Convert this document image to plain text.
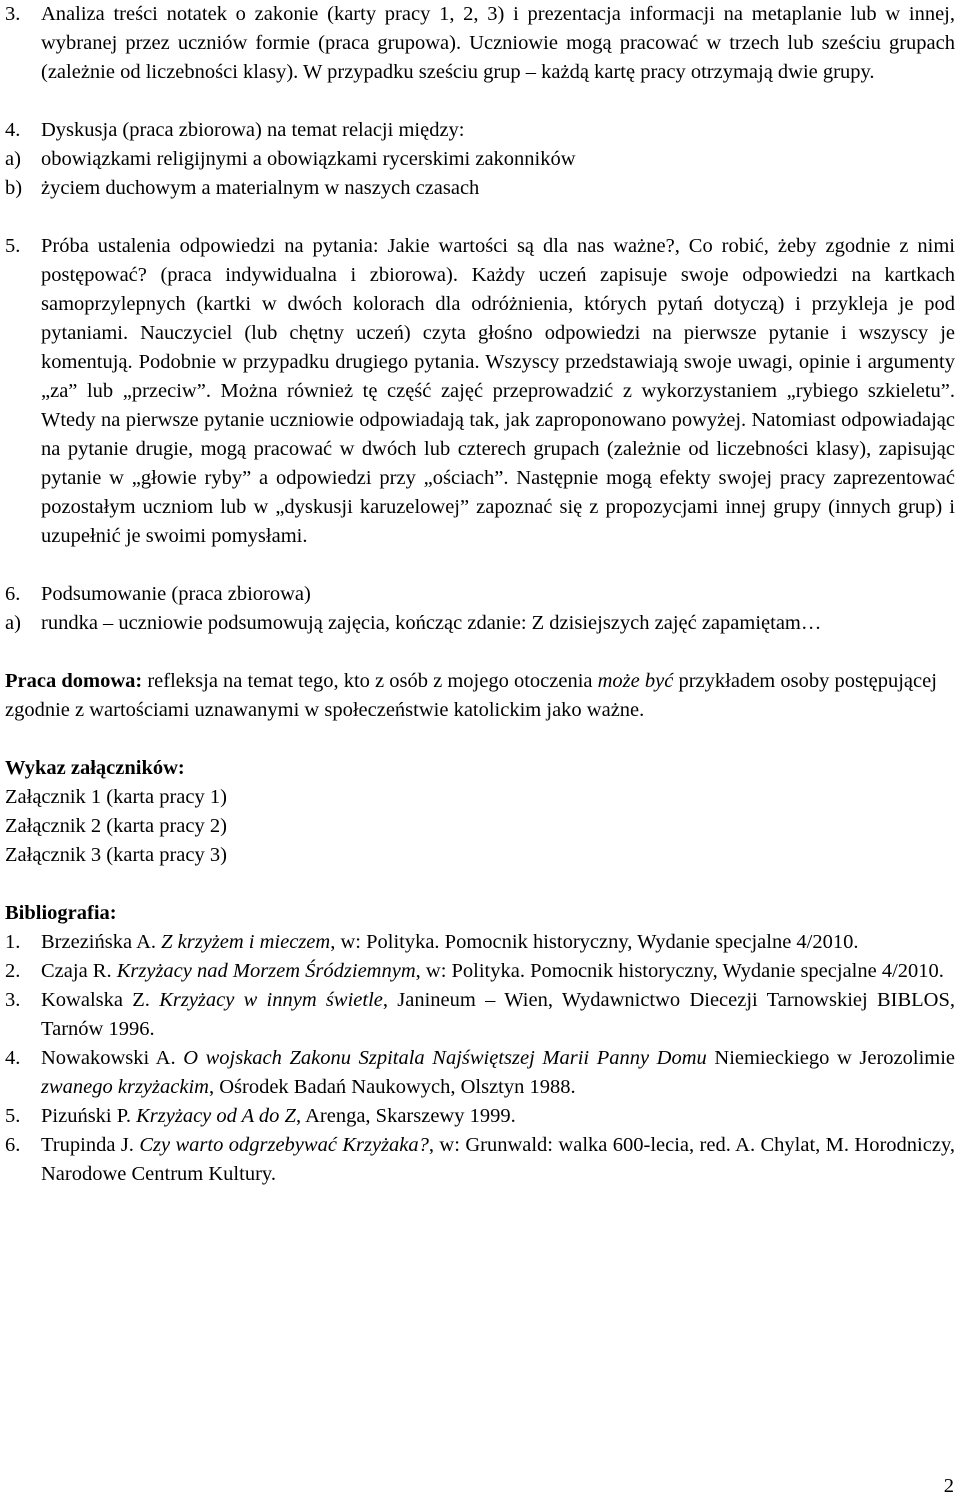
3.	Analiza treści notatek o zakonie (karty pracy 1, 2, 3) i prezentacja informacji na metaplanie lub w innej, wybranej przez uczniów formie (praca grupowa). Uczniowie mogą pracować w trzech lub sześciu grupach (zależnie od liczebności klasy). W przypadku sześciu grup – każdą kartę pracy otrzymają dwie grupy.
4.	Dyskusja (praca zbiorowa) na temat relacji między:
a) obowiązkami religijnymi a obowiązkami rycerskimi zakonników
b) życiem duchowym a materialnym w naszych czasach
5.	Próba ustalenia odpowiedzi na pytania: Jakie wartości są dla nas ważne?, Co robić, żeby zgodnie z nimi postępować? (praca indywidualna i zbiorowa). Każdy uczeń zapisuje swoje odpowiedzi na kartkach samoprzylepnych (kartki w dwóch kolorach dla odróżnienia, których pytań dotyczą) i przykleja je pod pytaniami. Nauczyciel (lub chętny uczeń) czyta głośno odpowiedzi na pierwsze pytanie i wszyscy je komentują. Podobnie w przypadku drugiego pytania. Wszyscy przedstawiają swoje uwagi, opinie i argumenty „za” lub „przeciw”. Można również tę część zajęć przeprowadzić z wykorzystaniem „rybiego szkieletu”. Wtedy na pierwsze pytanie uczniowie odpowiadają tak, jak zaproponowano powyżej. Natomiast odpowiadając na pytanie drugie, mogą pracować w dwóch lub czterech grupach (zależnie od liczebności klasy), zapisując pytanie w „głowie ryby” a odpowiedzi przy „ościach”. Następnie mogą efekty swojej pracy zaprezentować pozostałym uczniom lub w „dyskusji karuzelowej” zapoznać się z propozycjami innej grupy (innych grup) i uzupełnić je swoimi pomysłami.
6.	Podsumowanie (praca zbiorowa)
a) rundka – uczniowie podsumowują zajęcia, kończąc zdanie: Z dzisiejszych zajęć zapamiętam…

Praca domowa: refleksja na temat tego, kto z osób z mojego otoczenia może być przykładem osoby postępującej zgodnie z wartościami uznawanymi w społeczeństwie katolickim jako ważne.

Wykaz załączników:
Załącznik 1 (karta pracy 1)
Załącznik 2 (karta pracy 2)
Załącznik 3 (karta pracy 3)
Bibliografia:
1.	Brzezińska A. Z krzyżem i mieczem, w: Polityka. Pomocnik historyczny, Wydanie specjalne 4/2010.
2.	Czaja R. Krzyżacy nad Morzem Śródziemnym, w: Polityka. Pomocnik historyczny, Wydanie specjalne 4/2010.
3.	Kowalska Z. Krzyżacy w innym świetle, Janineum – Wien, Wydawnictwo Diecezji Tarnowskiej BIBLOS, Tarnów 1996.
4.	Nowakowski A. O wojskach Zakonu Szpitala Najświętszej Marii Panny Domu Niemieckiego w Jerozolimie zwanego krzyżackim, Ośrodek Badań Naukowych, Olsztyn 1988.
5.	Pizuński P. Krzyżacy od A do Z, Arenga, Skarszewy 1999.
6.	Trupinda J. Czy warto odgrzebywać Krzyżaka?, w: Grunwald: walka 600-lecia, red. A. Chylat, M. Horodniczy, Narodowe Centrum Kultury.
2
